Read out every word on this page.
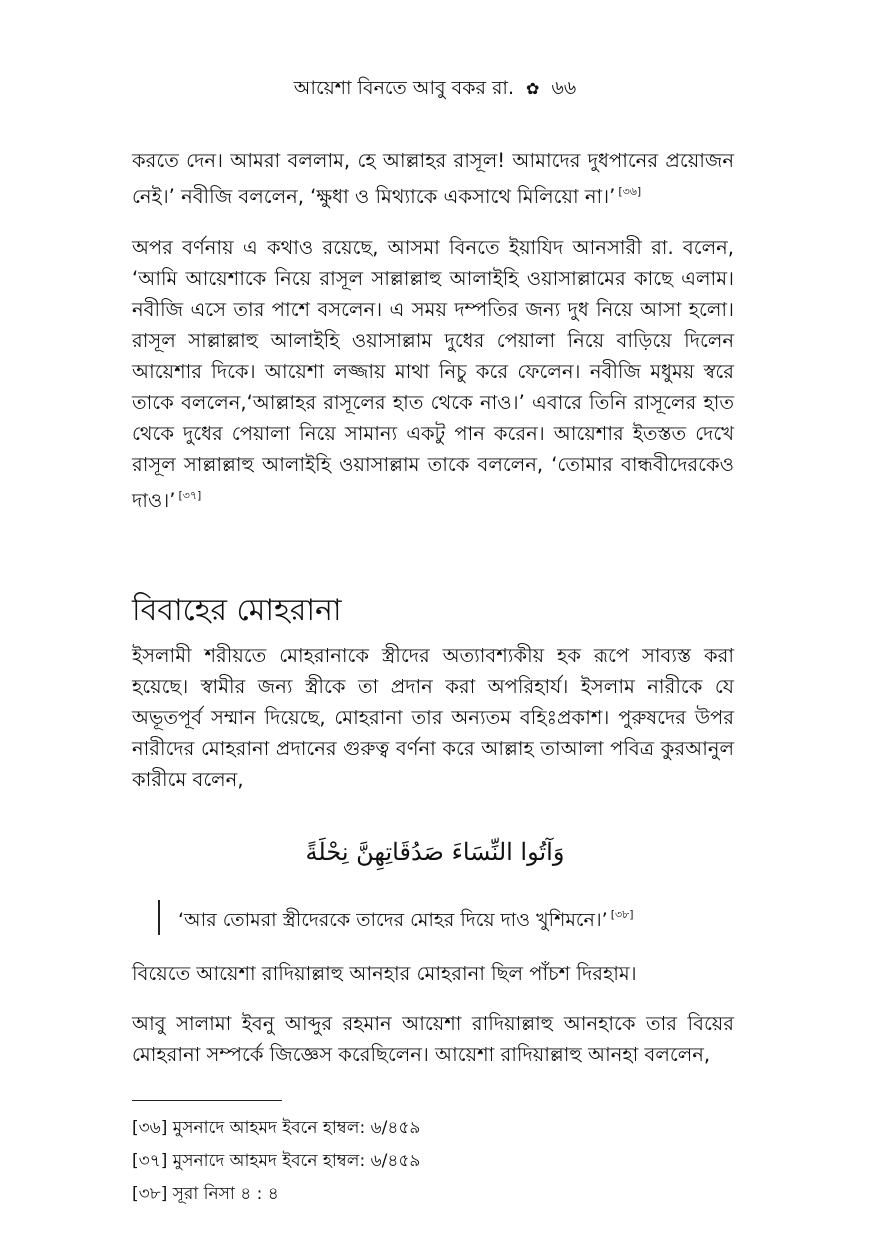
আয়েশা বিনতে আবু বকর রা. ✿ ৬৬

করতে দেন। আমরা বললাম, হে আল্লাহর রাসূল! আমাদের দুধপানের প্রয়োজন নেই।’ নবীজি বললেন, ‘ক্ষুধা ও মিথ্যাকে একসাথে মিলিয়ো না।’ [৩৬]

অপর বর্ণনায় এ কথাও রয়েছে, আসমা বিনতে ইয়াযিদ আনসারী রা. বলেন, ‘আমি আয়েশাকে নিয়ে রাসূল সাল্লাল্লাহু আলাইহি ওয়াসাল্লামের কাছে এলাম। নবীজি এসে তার পাশে বসলেন। এ সময় দম্পতির জন্য দুধ নিয়ে আসা হলো। রাসূল সাল্লাল্লাহু আলাইহি ওয়াসাল্লাম দুধের পেয়ালা নিয়ে বাড়িয়ে দিলেন আয়েশার দিকে। আয়েশা লজ্জায় মাথা নিচু করে ফেলেন। নবীজি মধুময় স্বরে তাকে বললেন,‘আল্লাহর রাসূলের হাত থেকে নাও।’ এবারে তিনি রাসূলের হাত থেকে দুধের পেয়ালা নিয়ে সামান্য একটু পান করেন। আয়েশার ইতস্তত দেখে রাসূল সাল্লাল্লাহু আলাইহি ওয়াসাল্লাম তাকে বললেন, ‘তোমার বান্ধবীদেরকেও দাও।’ [৩৭]

বিবাহের মোহরানা

ইসলামী শরীয়তে মোহরানাকে স্ত্রীদের অত্যাবশ্যকীয় হক রূপে সাব্যস্ত করা হয়েছে। স্বামীর জন্য স্ত্রীকে তা প্রদান করা অপরিহার্য। ইসলাম নারীকে যে অভূতপূর্ব সম্মান দিয়েছে, মোহরানা তার অন্যতম বহিঃপ্রকাশ। পুরুষদের উপর নারীদের মোহরানা প্রদানের গুরুত্ব বর্ণনা করে আল্লাহ তাআলা পবিত্র কুরআনুল কারীমে বলেন,

وَآتُوا النِّسَاءَ صَدُقَاتِهِنَّ نِحْلَةً
‘আর তোমরা স্ত্রীদেরকে তাদের মোহর দিয়ে দাও খুশিমনে।’ [৩৮]

বিয়েতে আয়েশা রাদিয়াল্লাহু আনহার মোহরানা ছিল পাঁচশ দিরহাম।

আবু সালামা ইবনু আব্দুর রহমান আয়েশা রাদিয়াল্লাহু আনহাকে তার বিয়ের মোহরানা সম্পর্কে জিজ্ঞেস করেছিলেন। আয়েশা রাদিয়াল্লাহু আনহা বললেন,

[৩৬] মুসনাদে আহমদ ইবনে হাম্বল: ৬/৪৫৯

[৩৭] মুসনাদে আহমদ ইবনে হাম্বল: ৬/৪৫৯

[৩৮] সূরা নিসা ৪ : ৪
